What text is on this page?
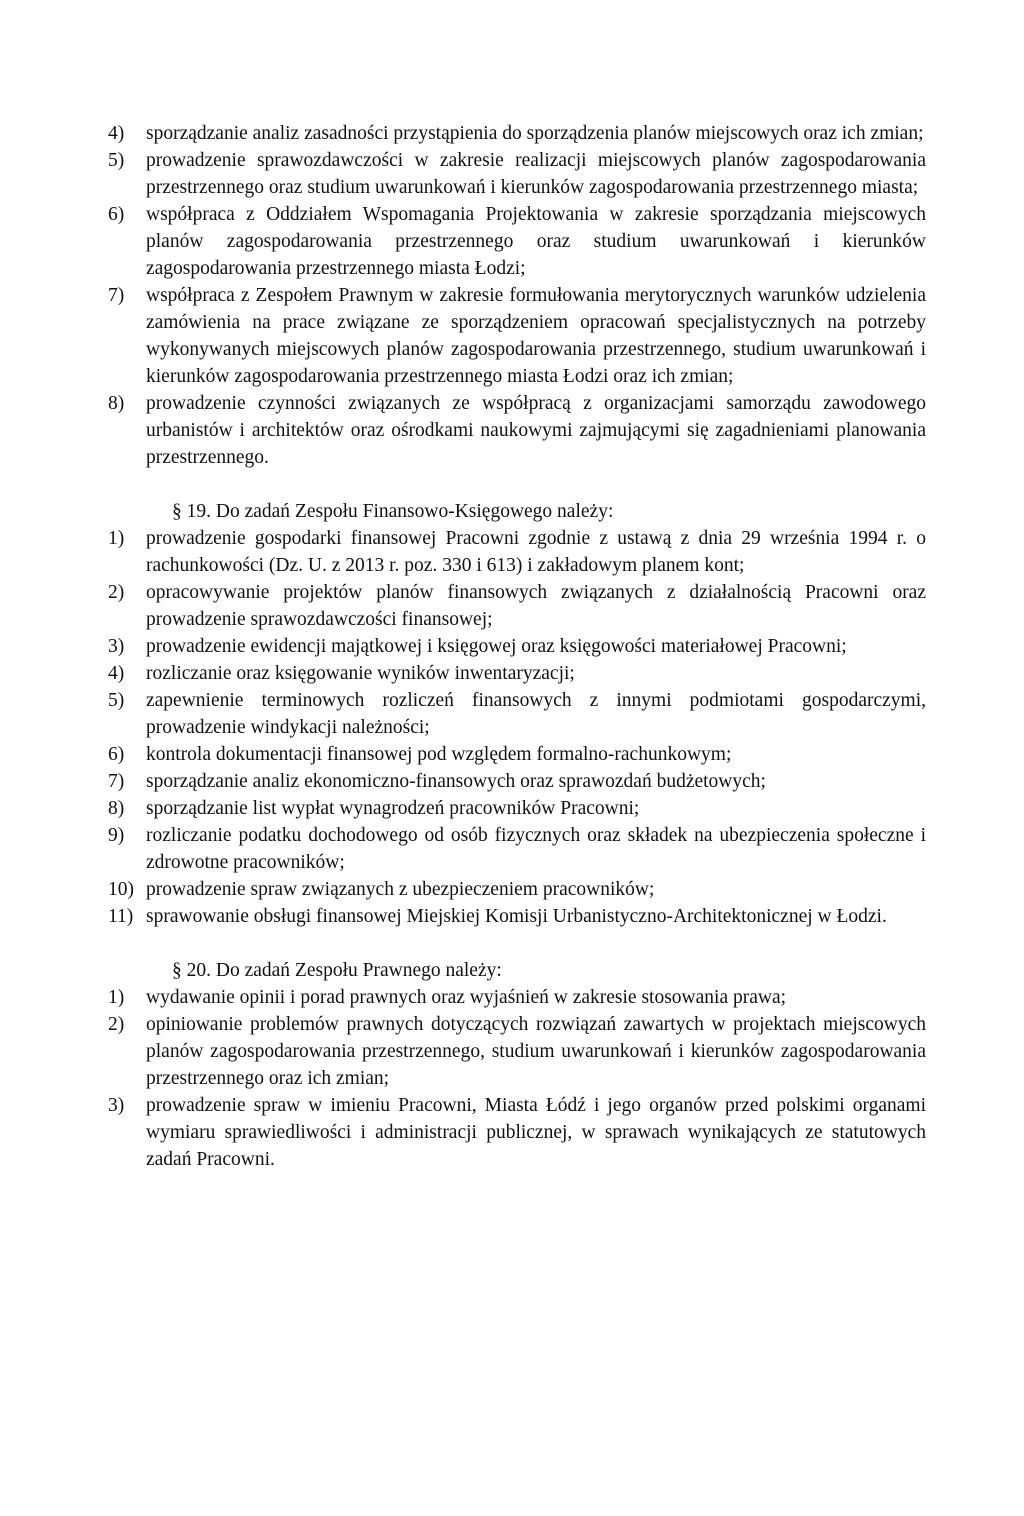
4)	sporządzanie analiz zasadności przystąpienia do sporządzenia planów miejscowych oraz ich zmian;
5)	prowadzenie sprawozdawczości w zakresie realizacji miejscowych planów zagospodarowania przestrzennego oraz studium uwarunkowań i kierunków zagospodarowania przestrzennego miasta;
6)	współpraca z Oddziałem Wspomagania Projektowania w zakresie sporządzania miejscowych planów zagospodarowania przestrzennego oraz studium uwarunkowań i kierunków zagospodarowania przestrzennego miasta Łodzi;
7)	współpraca z Zespołem Prawnym w zakresie formułowania merytorycznych warunków udzielenia zamówienia na prace związane ze sporządzeniem opracowań specjalistycznych na potrzeby wykonywanych miejscowych planów zagospodarowania przestrzennego, studium uwarunkowań i kierunków zagospodarowania przestrzennego miasta Łodzi oraz ich zmian;
8)	prowadzenie czynności związanych ze współpracą z organizacjami samorządu zawodowego urbanistów i architektów oraz ośrodkami naukowymi zajmującymi się zagadnieniami planowania przestrzennego.

§ 19. Do zadań Zespołu Finansowo-Księgowego należy:

1)	prowadzenie gospodarki finansowej Pracowni zgodnie z ustawą z dnia 29 września 1994 r. o rachunkowości (Dz. U. z 2013 r. poz. 330 i 613) i zakładowym planem kont;
2)	opracowywanie projektów planów finansowych związanych z działalnością Pracowni oraz prowadzenie sprawozdawczości finansowej;
3)	prowadzenie ewidencji majątkowej i księgowej oraz księgowości materiałowej Pracowni;
4)	rozliczanie oraz księgowanie wyników inwentaryzacji;
5)	zapewnienie terminowych rozliczeń finansowych z innymi podmiotami gospodarczymi, prowadzenie windykacji należności;
6)	kontrola dokumentacji finansowej pod względem formalno-rachunkowym;
7)	sporządzanie analiz ekonomiczno-finansowych oraz sprawozdań budżetowych;
8)	sporządzanie list wypłat wynagrodzeń pracowników Pracowni;
9)	rozliczanie podatku dochodowego od osób fizycznych oraz składek na ubezpieczenia społeczne i zdrowotne pracowników;
10) prowadzenie spraw związanych z ubezpieczeniem pracowników;
11) sprawowanie obsługi finansowej Miejskiej Komisji Urbanistyczno-Architektonicznej w Łodzi.

§ 20. Do zadań Zespołu Prawnego należy:

1)	wydawanie opinii i porad prawnych oraz wyjaśnień w zakresie stosowania prawa;
2)	opiniowanie problemów prawnych dotyczących rozwiązań zawartych w projektach miejscowych planów zagospodarowania przestrzennego, studium uwarunkowań i kierunków zagospodarowania przestrzennego oraz ich zmian;
3)	prowadzenie spraw w imieniu Pracowni, Miasta Łódź i jego organów przed polskimi organami wymiaru sprawiedliwości i administracji publicznej, w sprawach wynikających ze statutowych zadań Pracowni.
